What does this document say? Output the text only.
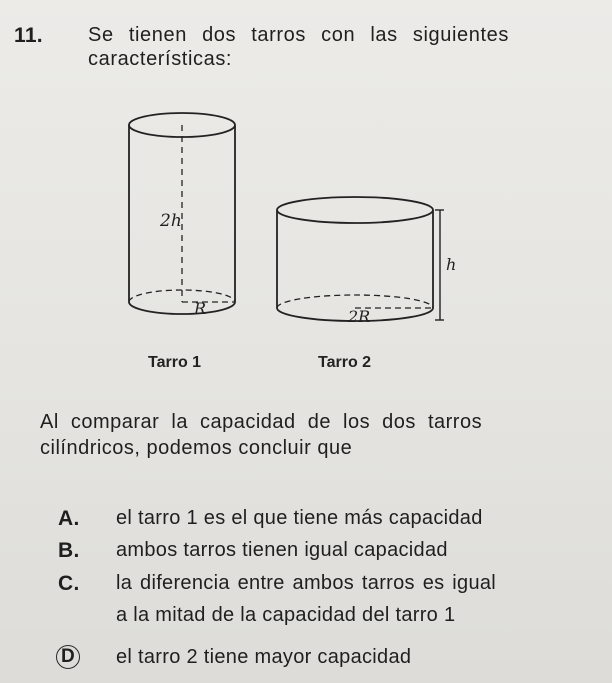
11. Se tienen dos tarros con las siguientes
características:
2h
R
Tarro 1
h
2R
Tarro 2
Al comparar la capacidad de los dos tarros
cilíndricos, podemos concluir que
A. el tarro 1 es el que tiene más capacidad
B. ambos tarros tienen igual capacidad
C. la diferencia entre ambos tarros es igual
a la mitad de la capacidad del tarro 1
D el tarro 2 tiene mayor capacidad
